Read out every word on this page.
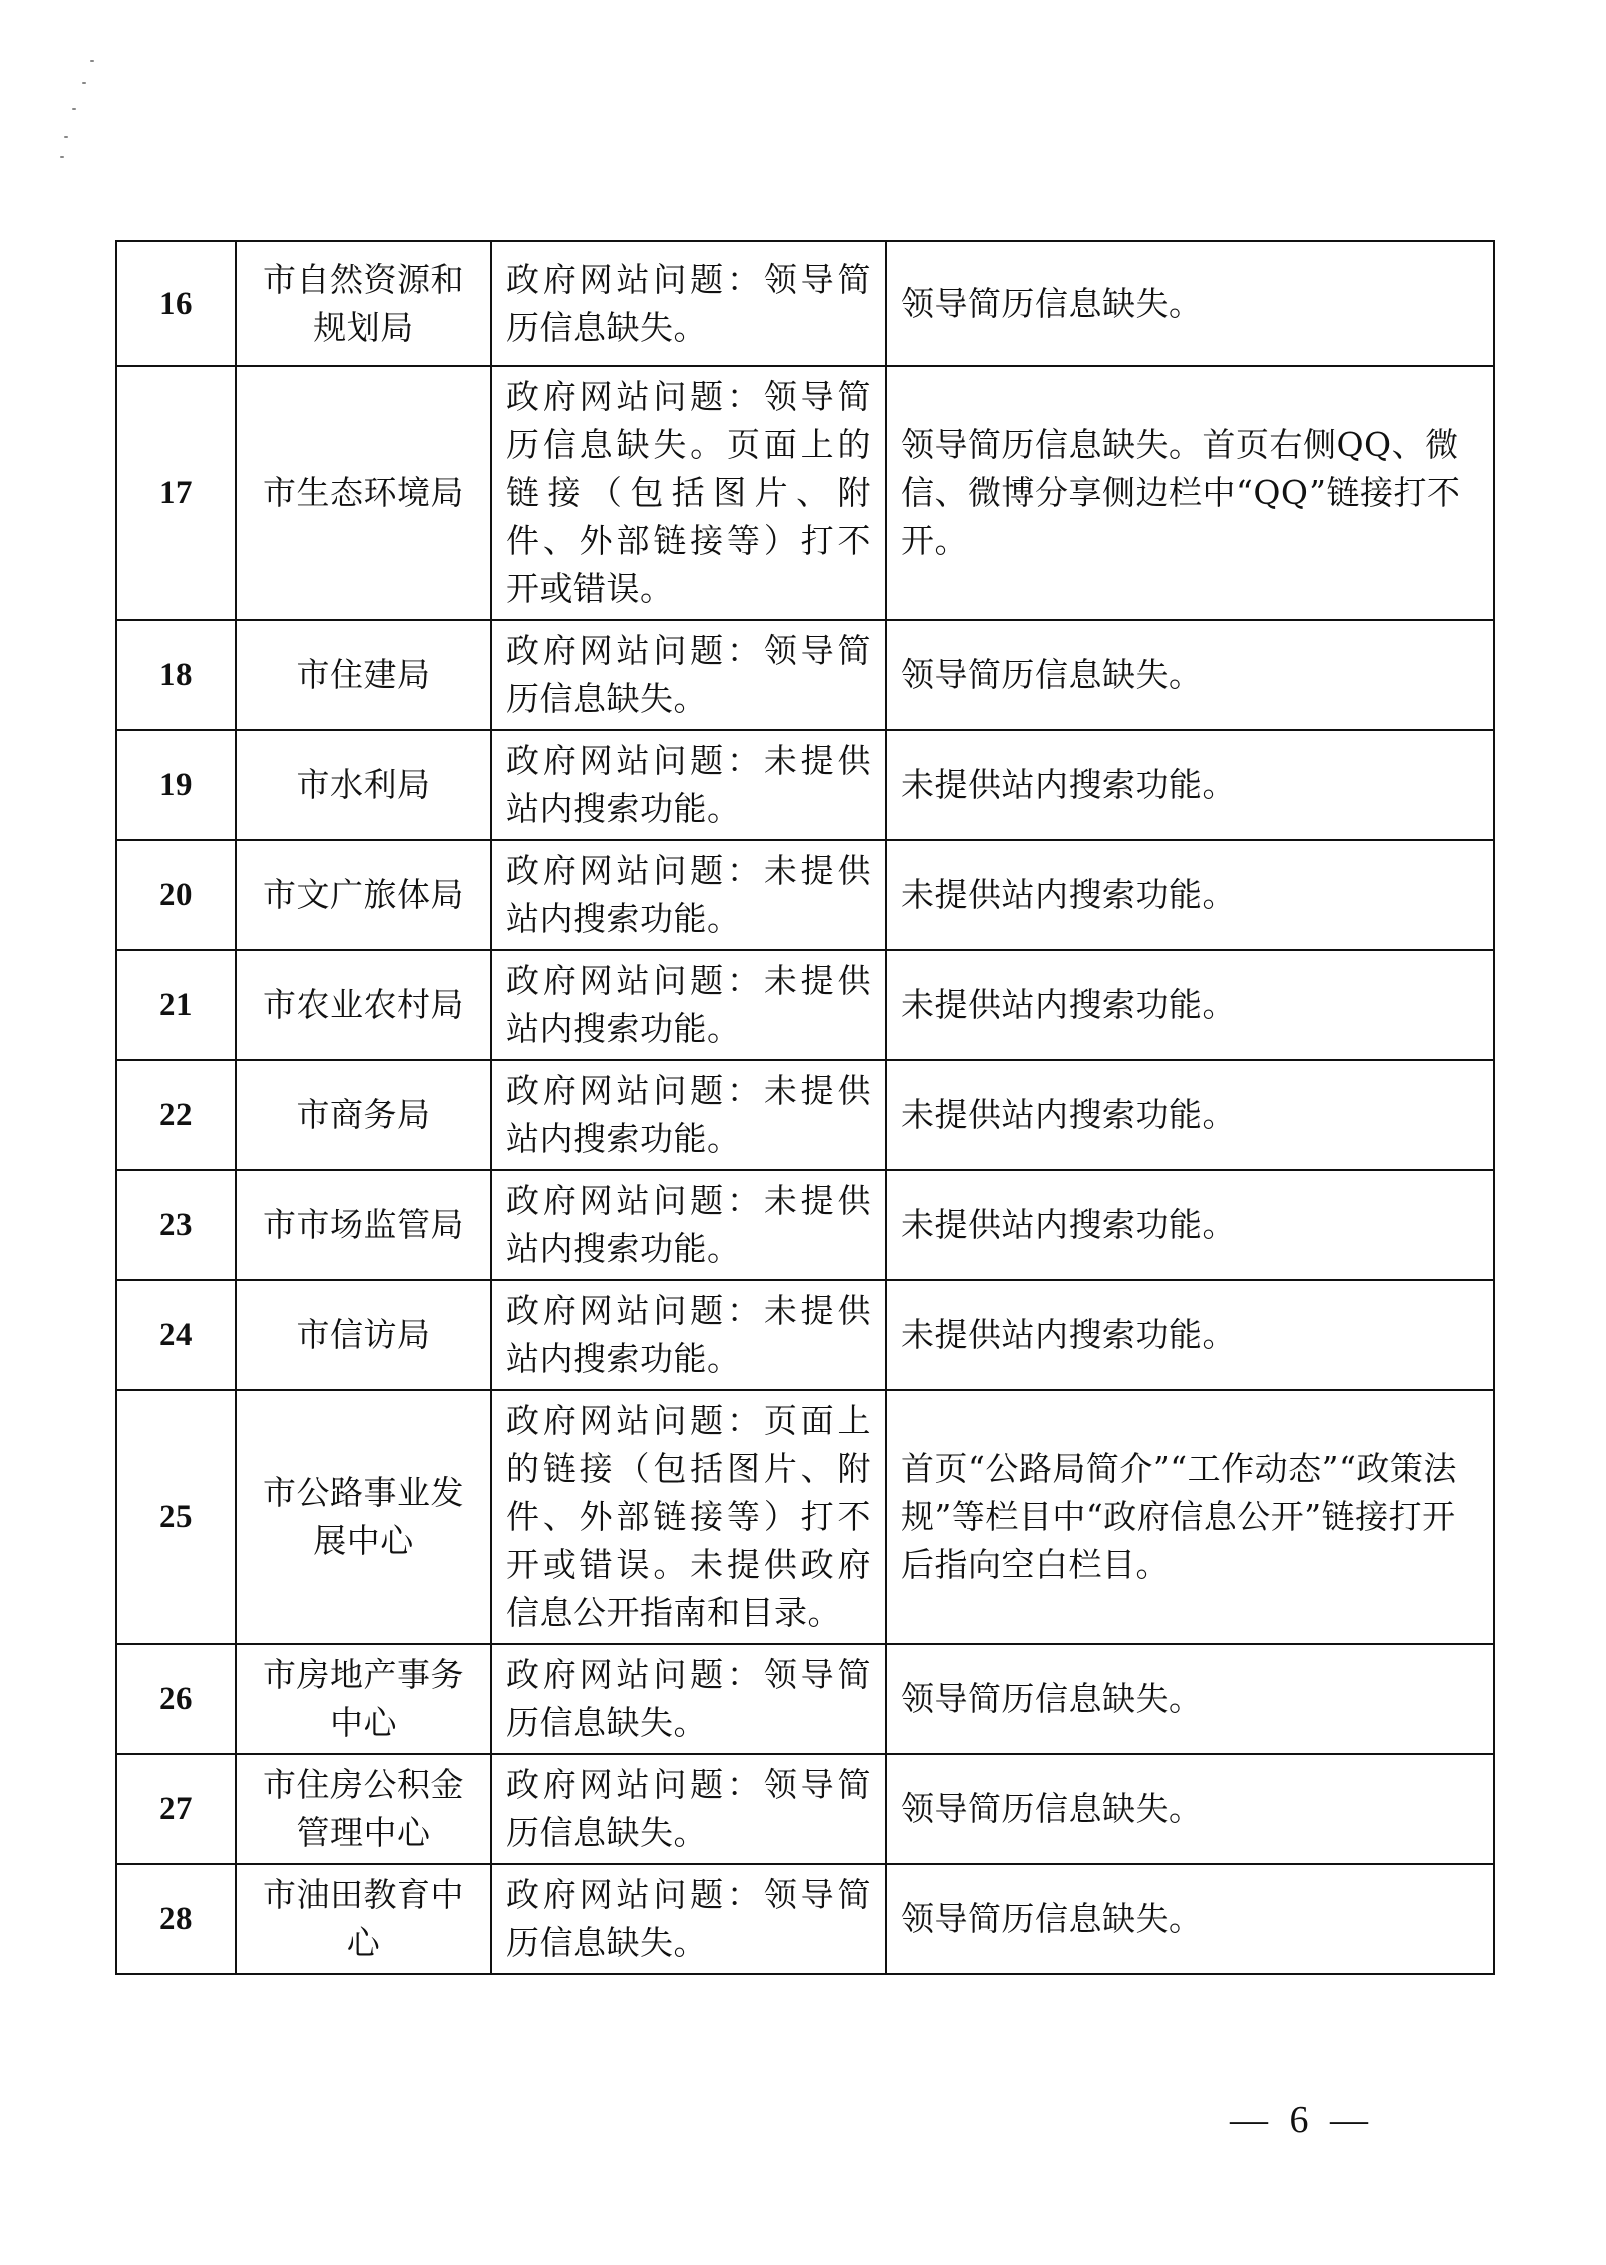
16	市自然资源和规划局	政府网站问题：领导简历信息缺失。	领导简历信息缺失。
17	市生态环境局	政府网站问题：领导简历信息缺失。页面上的链接（包括图片、附件、外部链接等）打不开或错误。	领导简历信息缺失。首页右侧QQ、微信、微博分享侧边栏中“QQ”链接打不开。
18	市住建局	政府网站问题：领导简历信息缺失。	领导简历信息缺失。
19	市水利局	政府网站问题：未提供站内搜索功能。	未提供站内搜索功能。
20	市文广旅体局	政府网站问题：未提供站内搜索功能。	未提供站内搜索功能。
21	市农业农村局	政府网站问题：未提供站内搜索功能。	未提供站内搜索功能。
22	市商务局	政府网站问题：未提供站内搜索功能。	未提供站内搜索功能。
23	市市场监管局	政府网站问题：未提供站内搜索功能。	未提供站内搜索功能。
24	市信访局	政府网站问题：未提供站内搜索功能。	未提供站内搜索功能。
25	市公路事业发展中心	政府网站问题：页面上的链接（包括图片、附件、外部链接等）打不开或错误。未提供政府信息公开指南和目录。	首页“公路局简介”“工作动态”“政策法规”等栏目中“政府信息公开”链接打开后指向空白栏目。
26	市房地产事务中心	政府网站问题：领导简历信息缺失。	领导简历信息缺失。
27	市住房公积金管理中心	政府网站问题：领导简历信息缺失。	领导简历信息缺失。
28	市油田教育中心	政府网站问题：领导简历信息缺失。	领导简历信息缺失。
— 6 —
